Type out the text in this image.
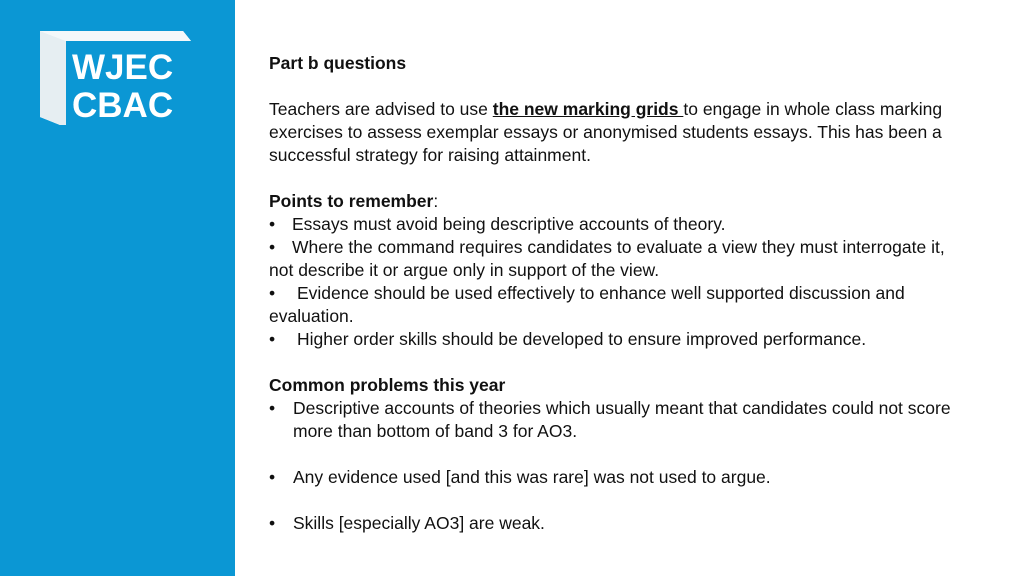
WJEC
CBAC

Part b questions

Teachers are advised to use the new marking grids to engage in whole class marking exercises to assess exemplar essays or anonymised students essays. This has been a successful strategy for raising attainment.

Points to remember:

• Essays must avoid being descriptive accounts of theory.

• Where the command requires candidates to evaluate a view they must interrogate it, not describe it or argue only in support of the view.

• Evidence should be used effectively to enhance well supported discussion and evaluation.

• Higher order skills should be developed to ensure improved performance.

Common problems this year

• Descriptive accounts of theories which usually meant that candidates could not score more than bottom of band 3 for AO3.

• Any evidence used [and this was rare] was not used to argue.

• Skills [especially AO3] are weak.
